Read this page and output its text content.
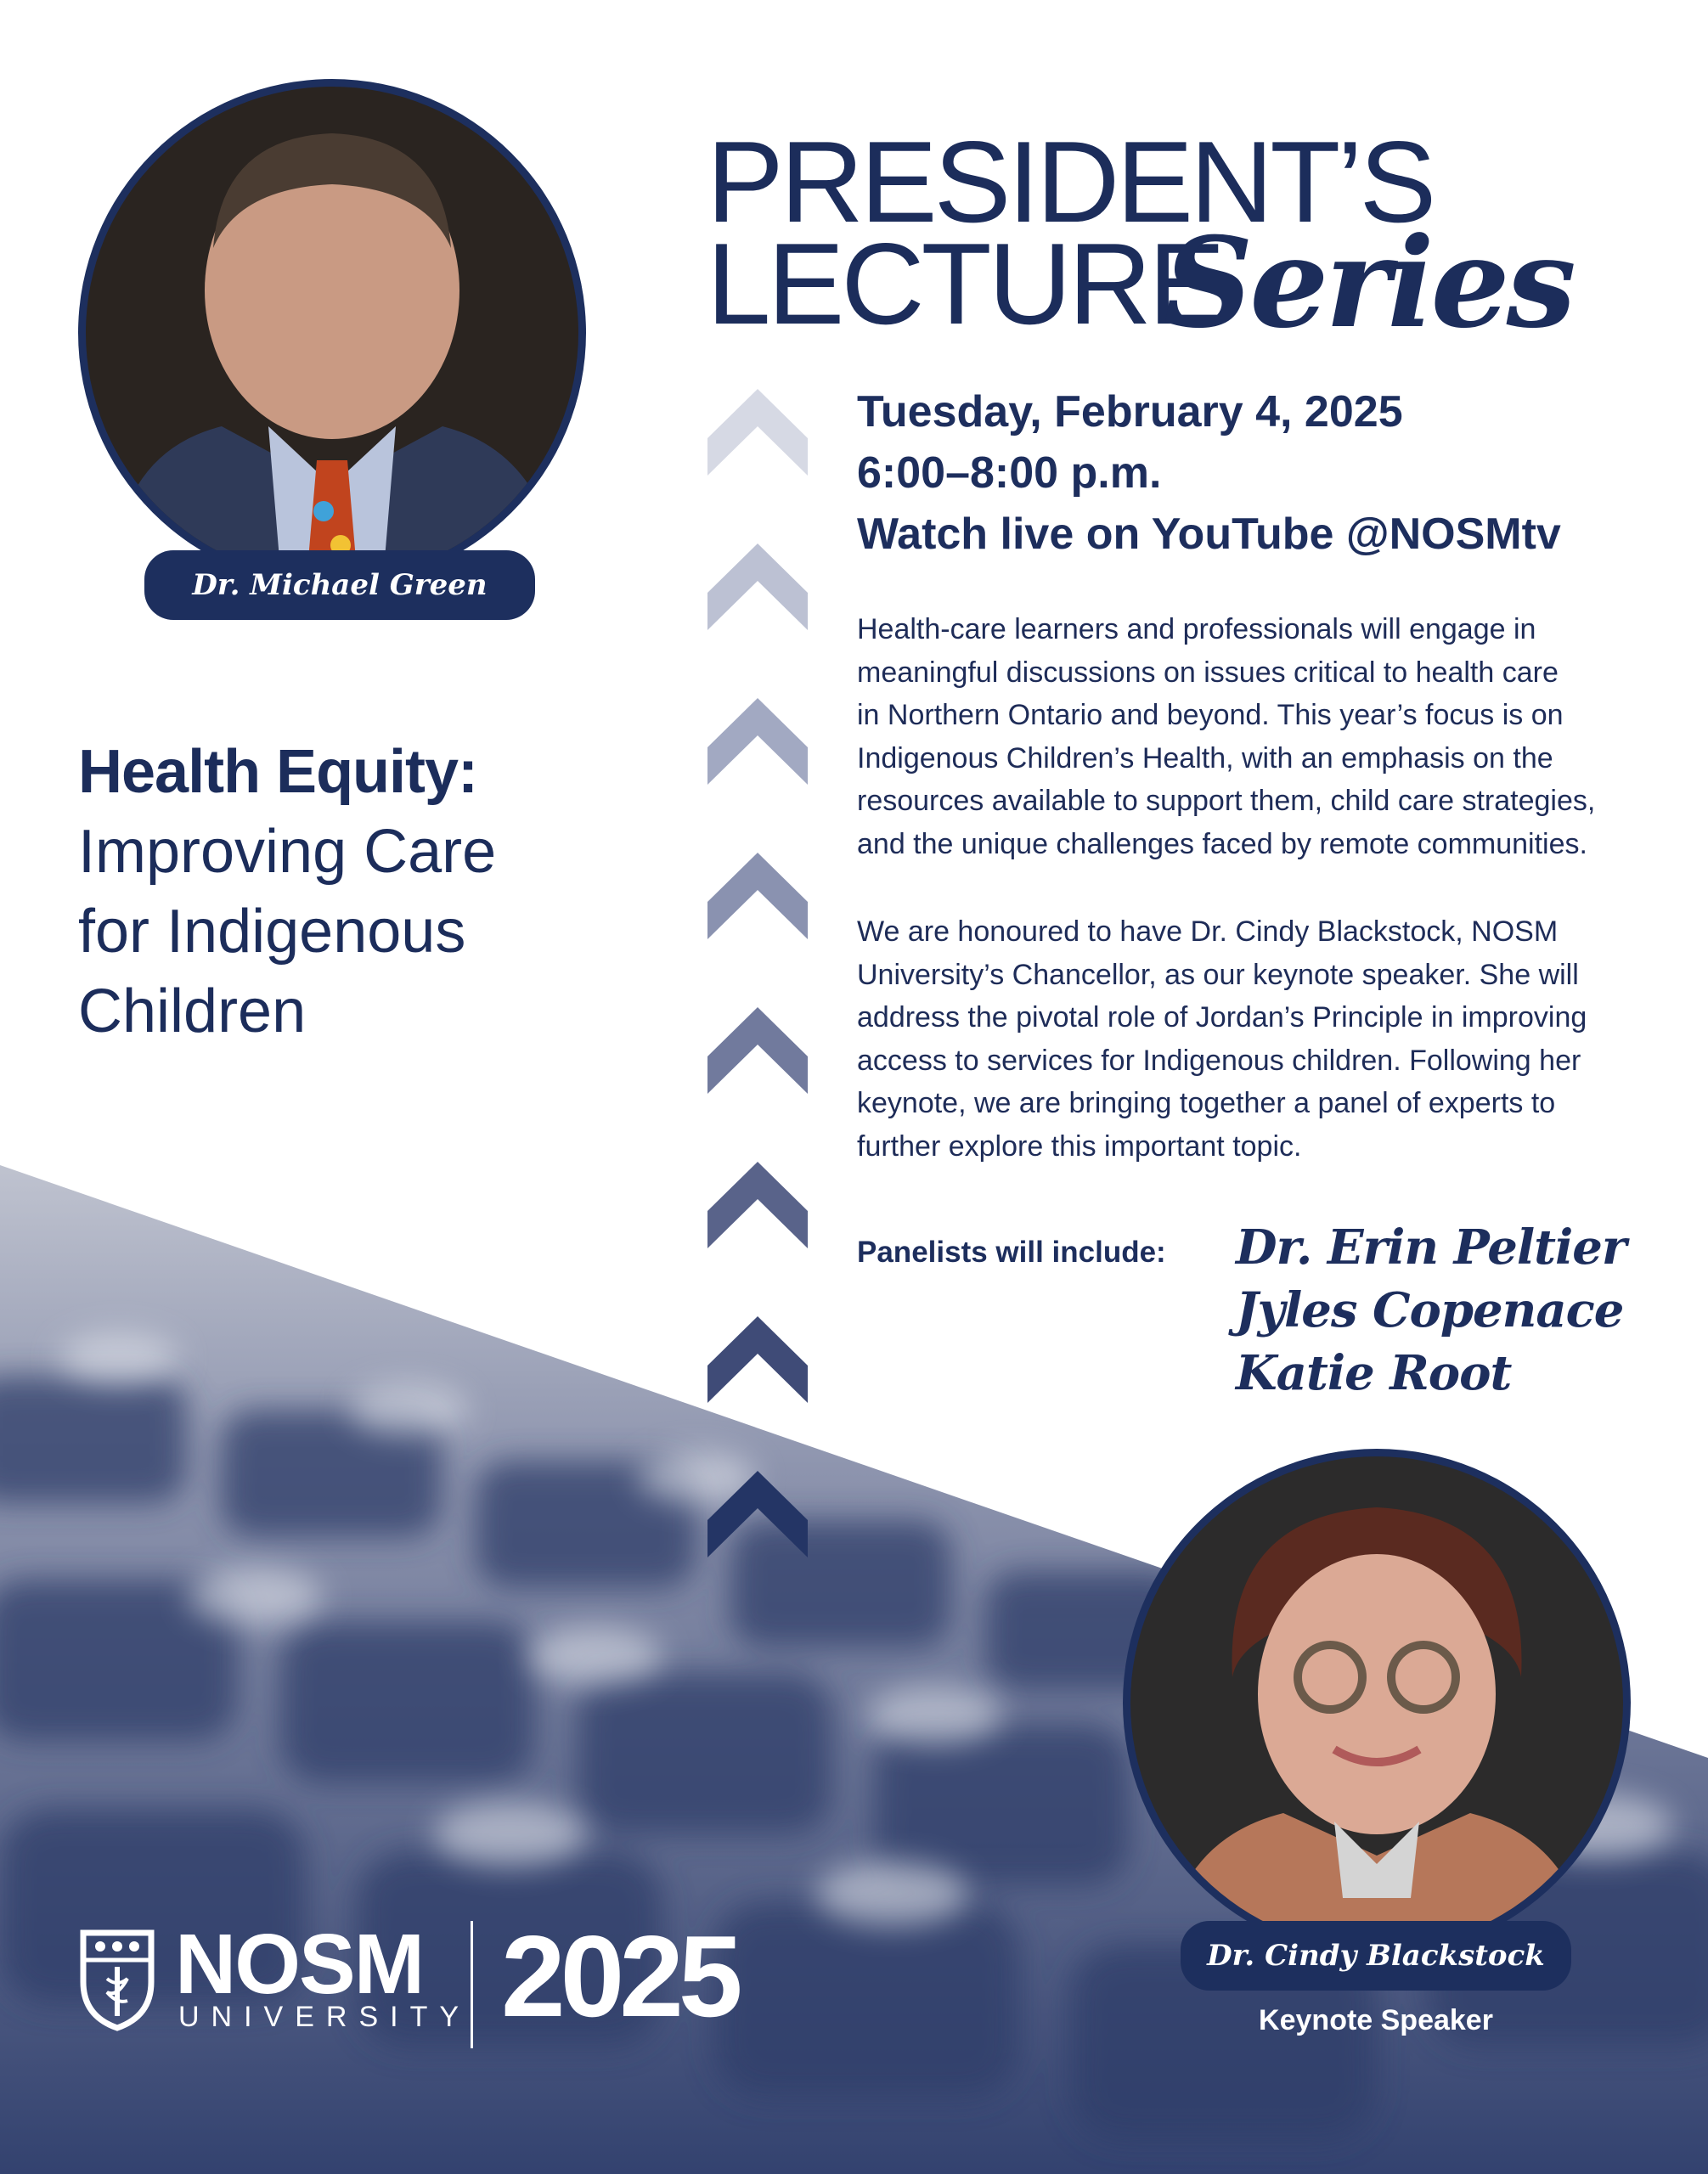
Dr. Michael Green
PRESIDENT’S
LECTURE
Series
Tuesday, February 4, 2025
6:00–8:00 p.m.
Watch live on YouTube @NOSMtv
Health-care learners and professionals will engage in
meaningful discussions on issues critical to health care
in Northern Ontario and beyond. This year’s focus is on
Indigenous Children’s Health, with an emphasis on the
resources available to support them, child care strategies,
and the unique challenges faced by remote communities.
We are honoured to have Dr. Cindy Blackstock, NOSM
University’s Chancellor, as our keynote speaker. She will
address the pivotal role of Jordan’s Principle in improving
access to services for Indigenous children. Following her
keynote, we are bringing together a panel of experts to
further explore this important topic.
Panelists will include: Dr. Erin Peltier
Jyles Copenace
Katie Root
Health Equity:
Improving Care
for Indigenous
Children
Dr. Cindy Blackstock
Keynote Speaker
NOSM
UNIVERSITY 2025
